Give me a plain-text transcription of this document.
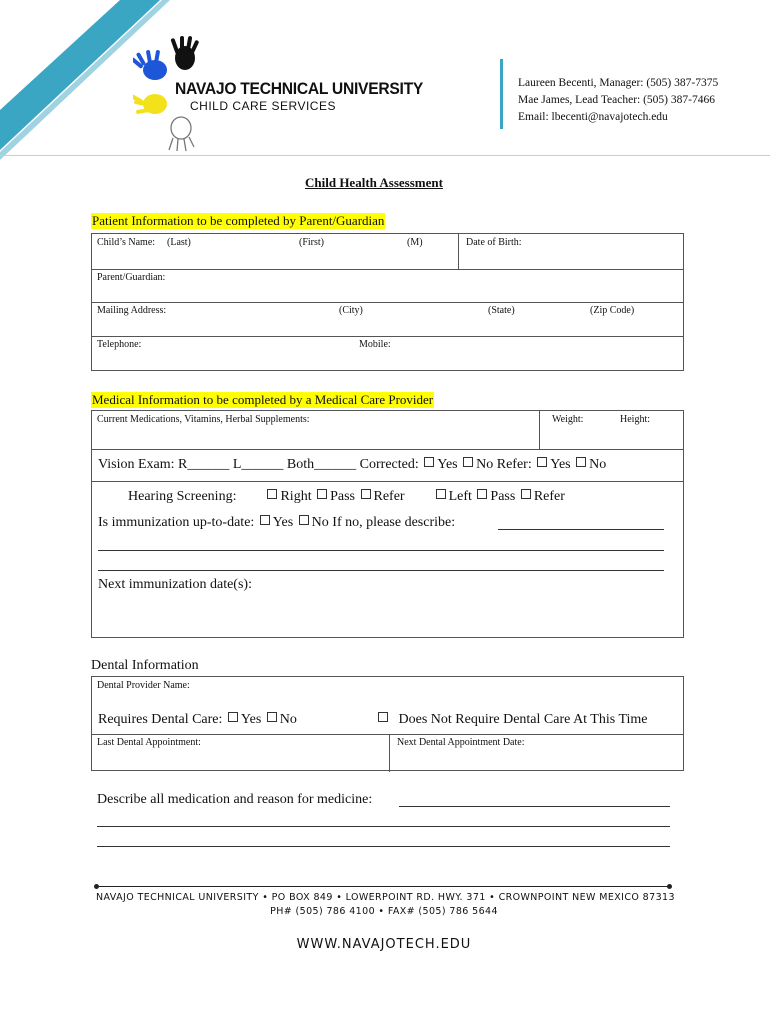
NAVAJO TECHNICAL UNIVERSITY
CHILD CARE SERVICES
Laureen Becenti, Manager: (505) 387-7375
Mae James, Lead Teacher: (505) 387-7466
Email: lbecenti@navajotech.edu
Child Health Assessment
Patient Information to be completed by Parent/Guardian
Child’s Name: (Last)	(First)	(M)	Date of Birth:
Parent/Guardian:
Mailing Address:	(City)	(State)	(Zip Code)
Telephone:	Mobile:
Medical Information to be completed by a Medical Care Provider
Current Medications, Vitamins, Herbal Supplements:	Weight:	Height:
Vision Exam: R______ L______ Both______ Corrected: Yes No Refer: Yes No
Hearing Screening:	Right Pass Refer	Left Pass Refer
Is immunization up-to-date: Yes No If no, please describe:
Next immunization date(s):
Dental Information
Dental Provider Name:
Requires Dental Care: Yes No	Does Not Require Dental Care At This Time
Last Dental Appointment:	Next Dental Appointment Date:
Describe all medication and reason for medicine:
NAVAJO TECHNICAL UNIVERSITY • PO BOX 849 • LOWERPOINT RD. HWY. 371 • CROWNPOINT NEW MEXICO 87313
PH# (505) 786 4100 • FAX# (505) 786 5644
WWW.NAVAJOTECH.EDU
